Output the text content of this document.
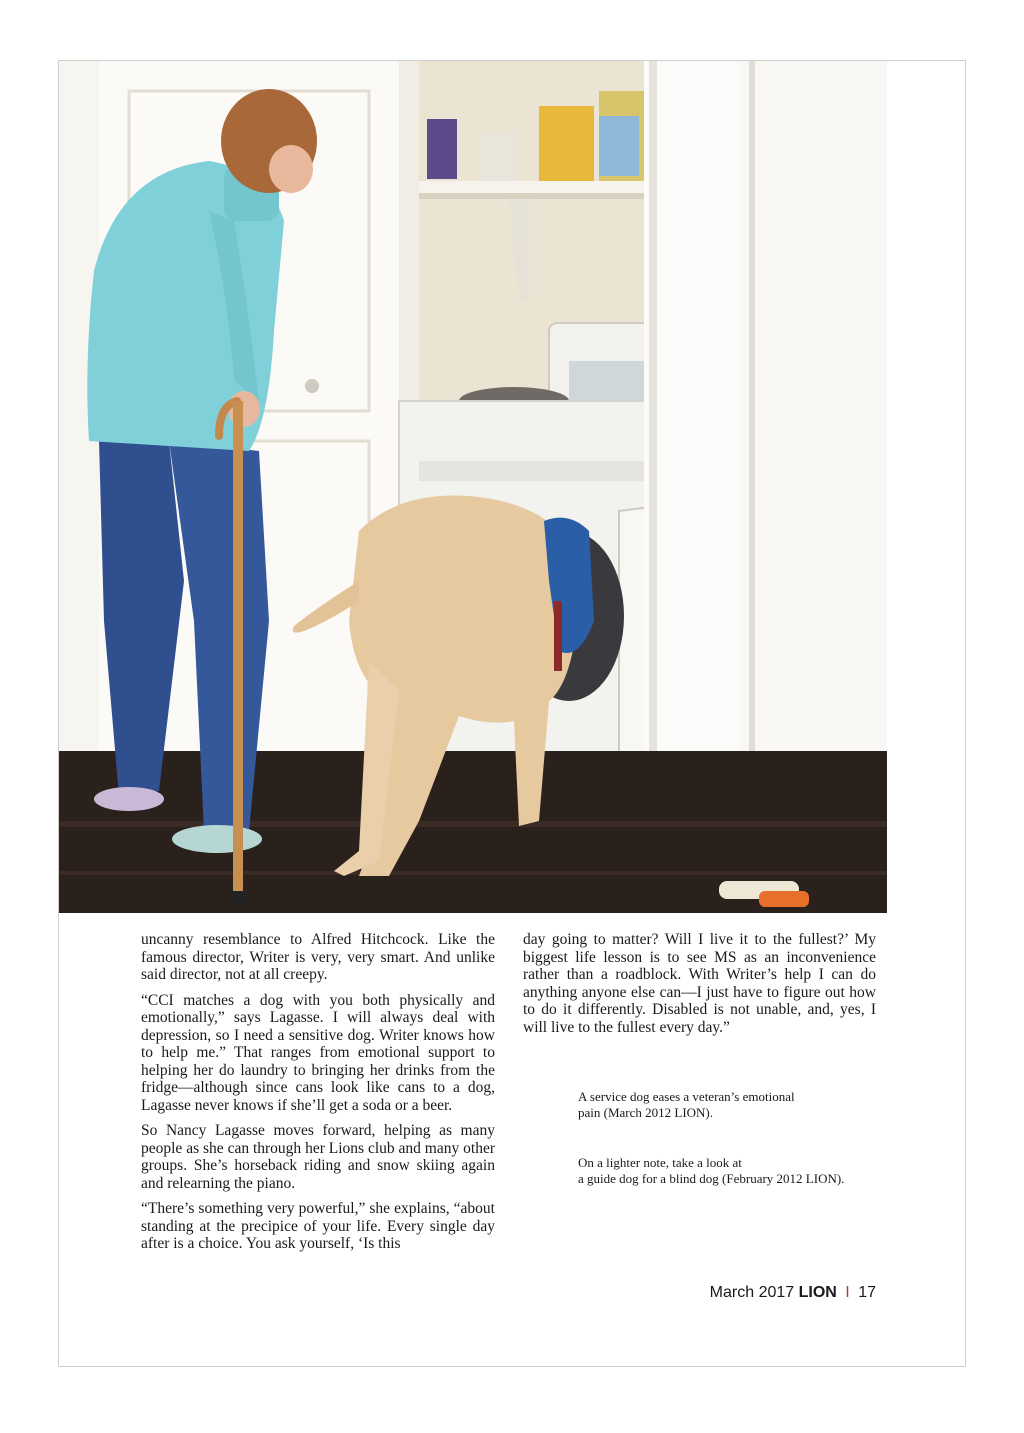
uncanny resemblance to Alfred Hitchcock. Like the famous director, Writer is very, very smart. And unlike said director, not at all creepy.

“CCI matches a dog with you both physically and emotionally,” says Lagasse. I will always deal with depression, so I need a sensitive dog. Writer knows how to help me.” That ranges from emotional support to helping her do laundry to bringing her drinks from the fridge—although since cans look like cans to a dog, Lagasse never knows if she’ll get a soda or a beer.

So Nancy Lagasse moves forward, helping as many people as she can through her Lions club and many other groups. She’s horseback riding and snow skiing again and relearning the piano.

“There’s something very powerful,” she explains, “about standing at the precipice of your life. Every single day after is a choice. You ask yourself, ‘Is this

day going to matter? Will I live it to the fullest?’ My biggest life lesson is to see MS as an inconvenience rather than a roadblock. With Writer’s help I can do anything anyone else can—I just have to figure out how to do it differently. Disabled is not unable, and, yes, I will live to the fullest every day.”

A service dog eases a veteran’s emotional
pain (March 2012 LION).
On a lighter note, take a look at
a guide dog for a blind dog (February 2012 LION).
March 2017 LION I 17
